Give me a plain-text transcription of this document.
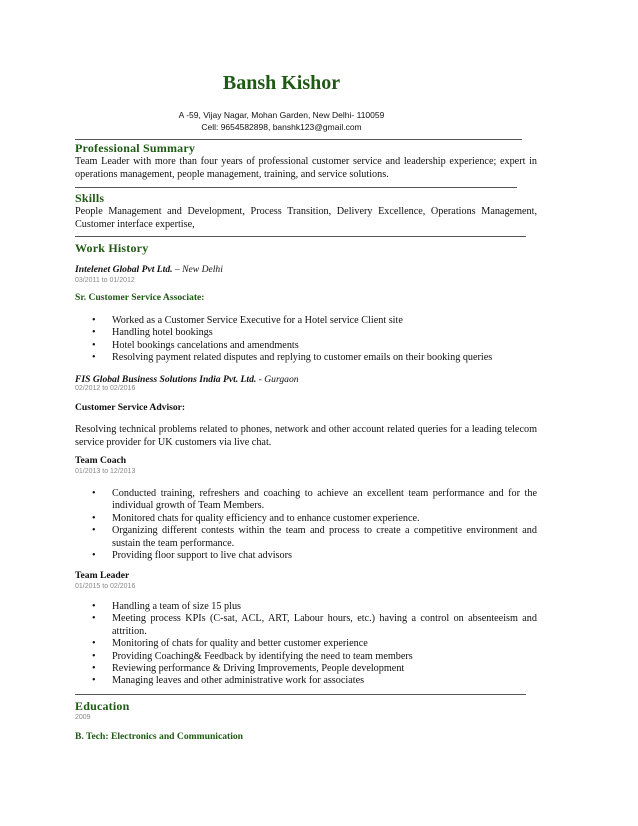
Bansh Kishor
A -59, Vijay Nagar, Mohan Garden, New Delhi- 110059
Cell: 9654582898, banshk123@gmail.com
Professional Summary
Team Leader with more than four years of professional customer service and leadership experience; expert in operations management, people management, training, and service solutions.
Skills
People Management and Development, Process Transition, Delivery Excellence, Operations Management, Customer interface expertise,
Work History
Intelenet Global Pvt Ltd. – New Delhi
03/2011 to 01/2012
Sr. Customer Service Associate:
• Worked as a Customer Service Executive for a Hotel service Client site
• Handling hotel bookings
• Hotel bookings cancelations and amendments
• Resolving payment related disputes and replying to customer emails on their booking queries
FIS Global Business Solutions India Pvt. Ltd. - Gurgaon
02/2012 to 02/2016
Customer Service Advisor:
Resolving technical problems related to phones, network and other account related queries for a leading telecom service provider for UK customers via live chat.
Team Coach
01/2013 to 12/2013
• Conducted training, refreshers and coaching to achieve an excellent team performance and for the individual growth of Team Members.
• Monitored chats for quality efficiency and to enhance customer experience.
• Organizing different contests within the team and process to create a competitive environment and sustain the team performance.
• Providing floor support to live chat advisors
Team Leader
01/2015 to 02/2016
• Handling a team of size 15 plus
• Meeting process KPIs (C-sat, ACL, ART, Labour hours, etc.) having a control on absenteeism and attrition.
• Monitoring of chats for quality and better customer experience
• Providing Coaching& Feedback by identifying the need to team members
• Reviewing performance & Driving Improvements, People development
• Managing leaves and other administrative work for associates
Education
2009
B. Tech: Electronics and Communication
